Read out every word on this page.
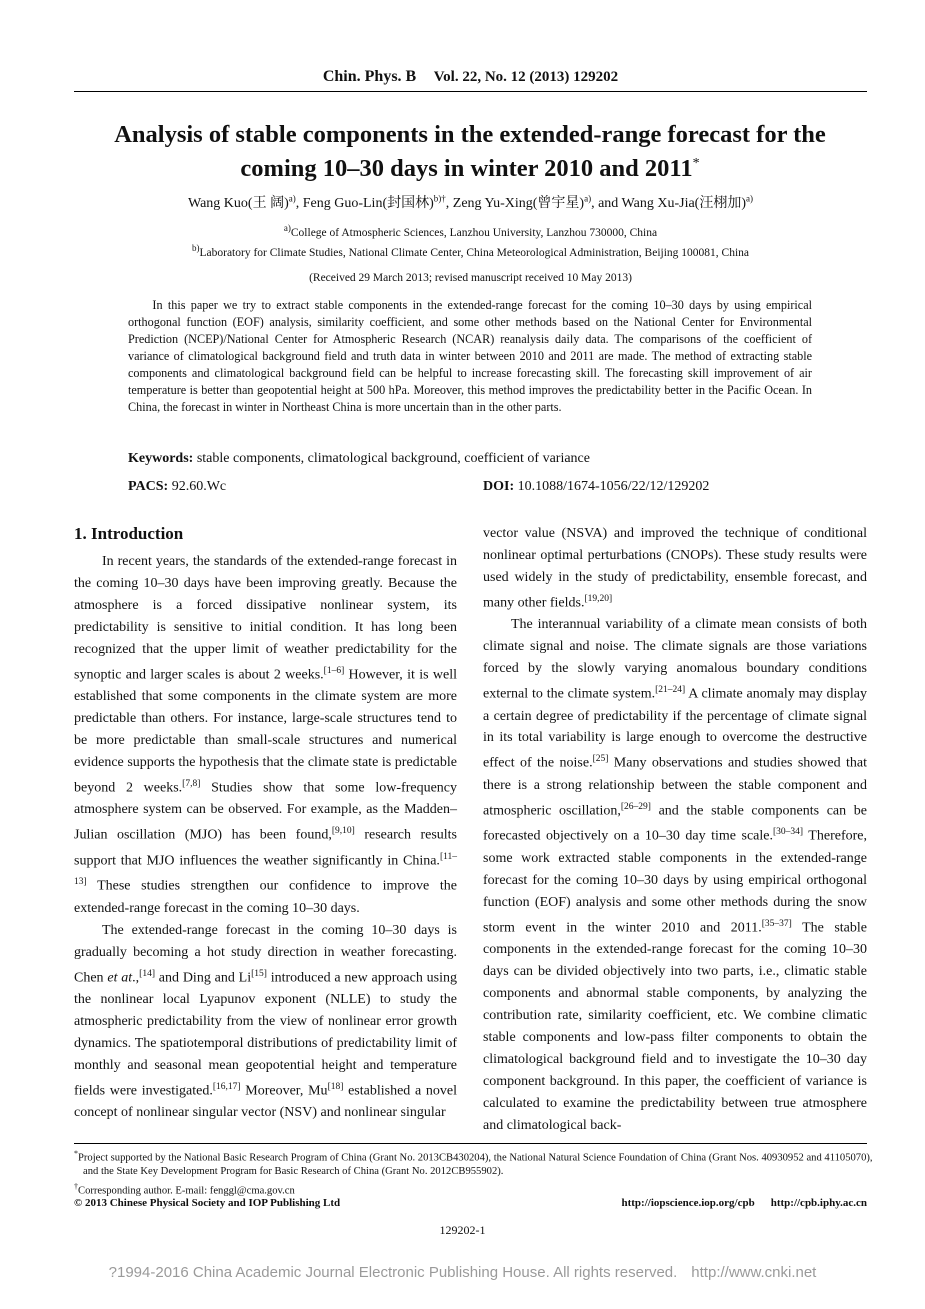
Chin. Phys. B Vol. 22, No. 12 (2013) 129202
Analysis of stable components in the extended-range forecast for the
coming 10–30 days in winter 2010 and 2011*
Wang Kuo(王 阔)$^{a)}$, Feng Guo-Lin(封国林)$^{b)\dagger}$, Zeng Yu-Xing(曾宇星)$^{a)}$, and Wang Xu-Jia(汪栩加)$^{a)}$
$^{a)}$College of Atmospheric Sciences, Lanzhou University, Lanzhou 730000, China
$^{b)}$Laboratory for Climate Studies, National Climate Center, China Meteorological Administration, Beijing 100081, China
(Received 29 March 2013; revised manuscript received 10 May 2013)
In this paper we try to extract stable components in the extended-range forecast for the coming 10–30 days by using empirical orthogonal function (EOF) analysis, similarity coefficient, and some other methods based on the National Center for Environmental Prediction (NCEP)/National Center for Atmospheric Research (NCAR) reanalysis daily data. The comparisons of the coefficient of variance of climatological background field and truth data in winter between 2010 and 2011 are made. The method of extracting stable components and climatological background field can be helpful to increase forecasting skill. The forecasting skill improvement of air temperature is better than geopotential height at 500 hPa. Moreover, this method improves the predictability better in the Pacific Ocean. In China, the forecast in winter in Northeast China is more uncertain than in the other parts.
Keywords: stable components, climatological background, coefficient of variance
PACS: 92.60.Wc	DOI: 10.1088/1674-1056/22/12/129202
1. Introduction

In recent years, the standards of the extended-range forecast in the coming 10–30 days have been improving greatly. Because the atmosphere is a forced dissipative nonlinear system, its predictability is sensitive to initial condition. It has long been recognized that the upper limit of weather predictability for the synoptic and larger scales is about 2 weeks.[1–6] However, it is well established that some components in the climate system are more predictable than others. For instance, large-scale structures tend to be more predictable than small-scale structures and numerical evidence supports the hypothesis that the climate state is predictable beyond 2 weeks.[7,8] Studies show that some low-frequency atmosphere system can be observed. For example, as the Madden–Julian oscillation (MJO) has been found,[9,10] research results support that MJO influences the weather significantly in China.[11–13] These studies strengthen our confidence to improve the extended-range forecast in the coming 10–30 days.

The extended-range forecast in the coming 10–30 days is gradually becoming a hot study direction in weather forecasting. Chen et at.,[14] and Ding and Li[15] introduced a new approach using the nonlinear local Lyapunov exponent (NLLE) to study the atmospheric predictability from the view of nonlinear error growth dynamics. The spatiotemporal distributions of predictability limit of monthly and seasonal mean geopotential height and temperature fields were investigated.[16,17] Moreover, Mu[18] established a novel concept of nonlinear singular vector (NSV) and nonlinear singular

vector value (NSVA) and improved the technique of conditional nonlinear optimal perturbations (CNOPs). These study results were used widely in the study of predictability, ensemble forecast, and many other fields.[19,20]

The interannual variability of a climate mean consists of both climate signal and noise. The climate signals are those variations forced by the slowly varying anomalous boundary conditions external to the climate system.[21–24] A climate anomaly may display a certain degree of predictability if the percentage of climate signal in its total variability is large enough to overcome the destructive effect of the noise.[25] Many observations and studies showed that there is a strong relationship between the stable component and atmospheric oscillation,[26–29] and the stable components can be forecasted objectively on a 10–30 day time scale.[30–34] Therefore, some work extracted stable components in the extended-range forecast for the coming 10–30 days by using empirical orthogonal function (EOF) analysis and some other methods during the snow storm event in the winter 2010 and 2011.[35–37] The stable components in the extended-range forecast for the coming 10–30 days can be divided objectively into two parts, i.e., climatic stable components and abnormal stable components, by analyzing the contribution rate, similarity coefficient, etc. We combine climatic stable components and low-pass filter components to obtain the climatological background field and to investigate the 10–30 day component background. In this paper, the coefficient of variance is calculated to examine the predictability between true atmosphere and climatological back-

*Project supported by the National Basic Research Program of China (Grant No. 2013CB430204), the National Natural Science Foundation of China (Grant Nos. 40930952 and 41105070), and the State Key Development Program for Basic Research of China (Grant No. 2012CB955902).
†Corresponding author. E-mail: fenggl@cma.gov.cn
© 2013 Chinese Physical Society and IOP Publishing Ltd	http://iopscience.iop.org/cpb http://cpb.iphy.ac.cn
129202-1
?1994-2016 China Academic Journal Electronic Publishing House. All rights reserved. http://www.cnki.net
